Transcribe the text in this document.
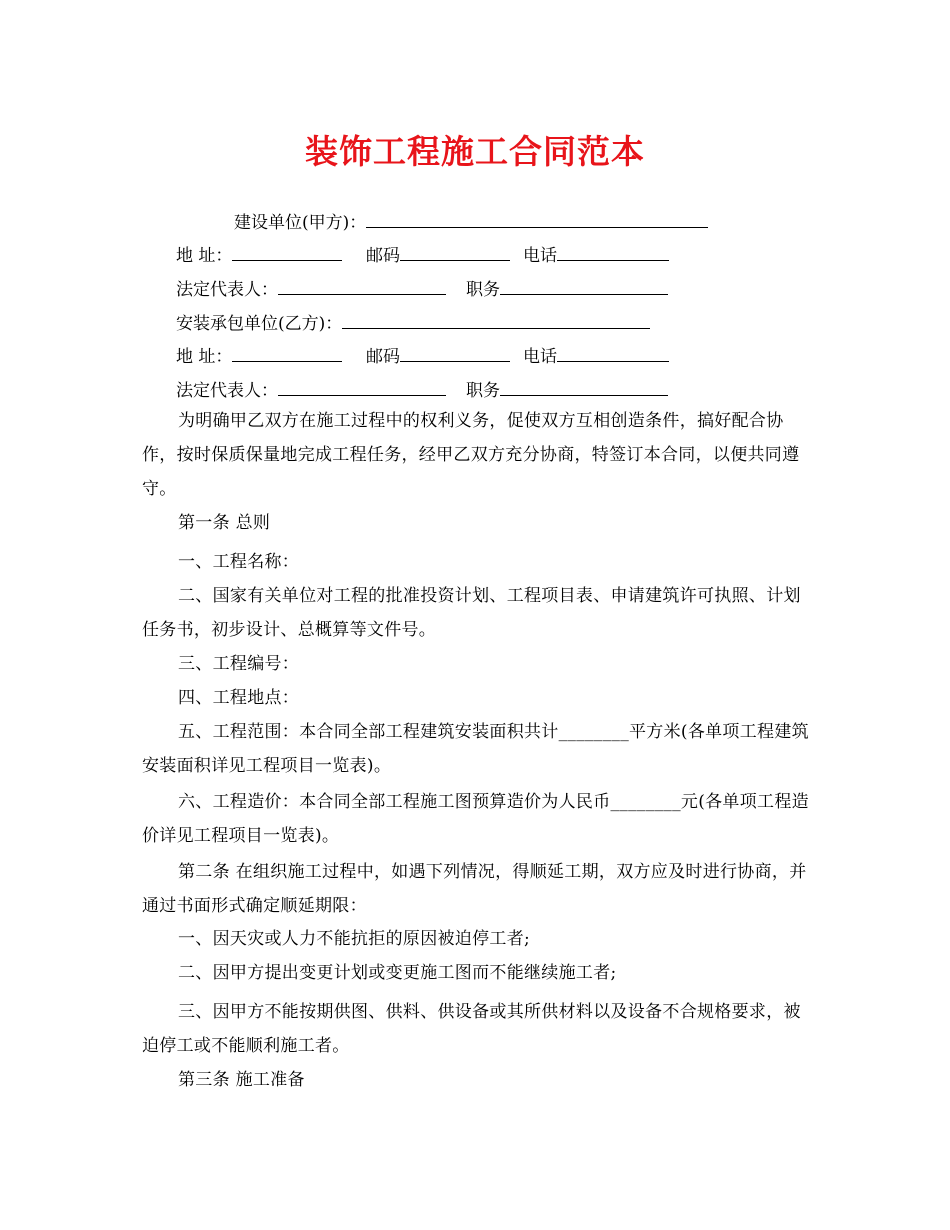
装饰工程施工合同范本
建设单位(甲方)：
地 址：	邮码	电话
法定代表人：	职务
安装承包单位(乙方)：
地 址：	邮码	电话
法定代表人：	职务
为明确甲乙双方在施工过程中的权利义务，促使双方互相创造条件，搞好配合协作，按时保质保量地完成工程任务，经甲乙双方充分协商，特签订本合同，以便共同遵守。
第一条 总则
一、工程名称：
二、国家有关单位对工程的批准投资计划、工程项目表、申请建筑许可执照、计划任务书，初步设计、总概算等文件号。
三、工程编号：
四、工程地点：
五、工程范围：本合同全部工程建筑安装面积共计________平方米(各单项工程建筑安装面积详见工程项目一览表)。
六、工程造价：本合同全部工程施工图预算造价为人民币________元(各单项工程造价详见工程项目一览表)。
第二条 在组织施工过程中，如遇下列情况，得顺延工期，双方应及时进行协商，并通过书面形式确定顺延期限：
一、因天灾或人力不能抗拒的原因被迫停工者;
二、因甲方提出变更计划或变更施工图而不能继续施工者;
三、因甲方不能按期供图、供料、供设备或其所供材料以及设备不合规格要求，被迫停工或不能顺利施工者。
第三条 施工准备
